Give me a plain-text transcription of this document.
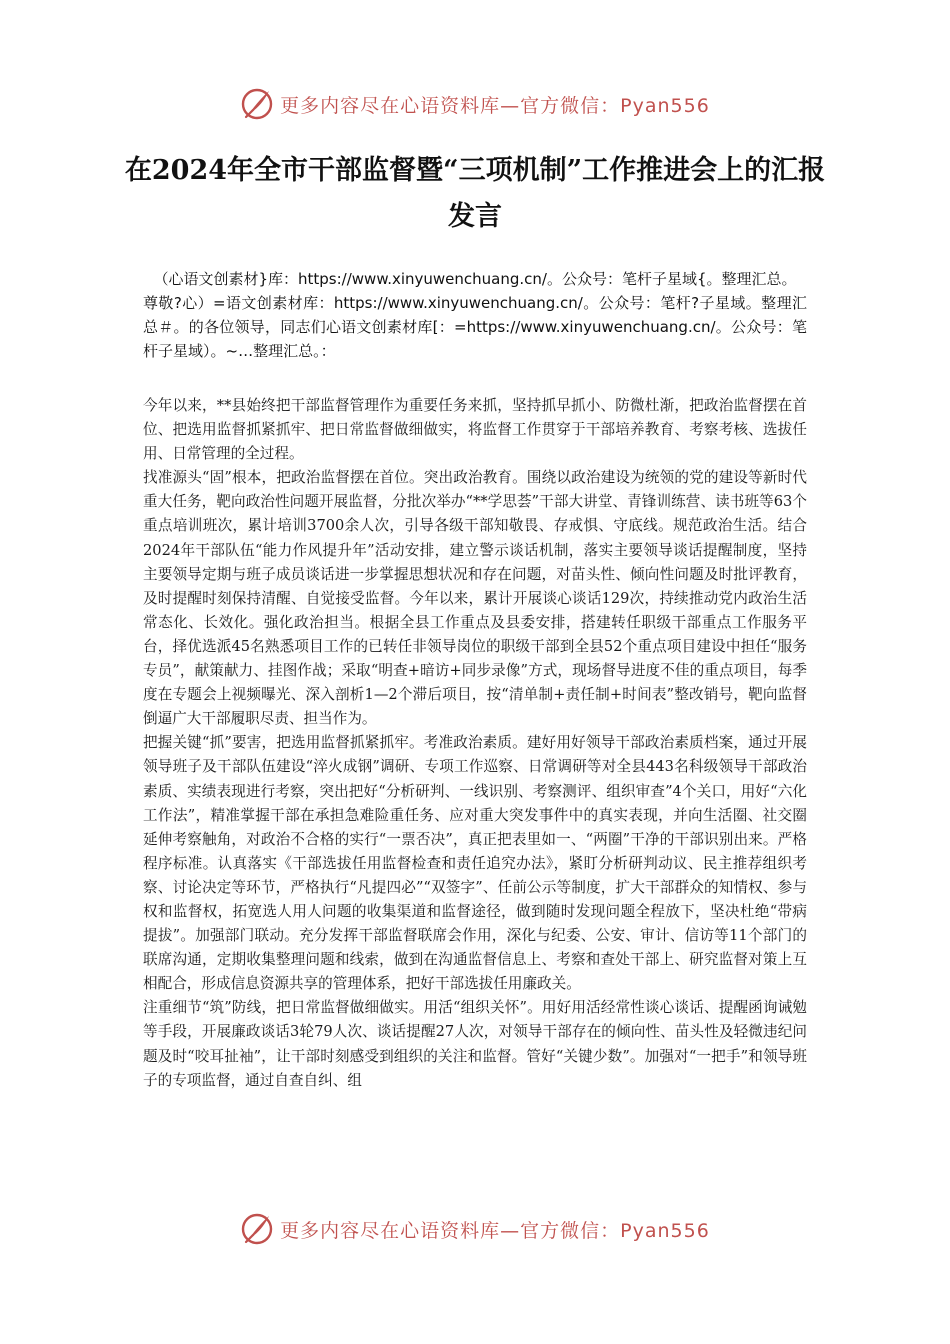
更多内容尽在心语资料库—官方微信：Pyan556
在2024年全市干部监督暨“三项机制”工作推进会上的汇报发言
（心语文创素材}库：https://www.xinyuwenchuang.cn/。公众号：笔杆子星域{。整理汇总。
尊敬?心）=语文创素材库：https://www.xinyuwenchuang.cn/。公众号：笔杆?子星域。整理汇总＃。的各位领导，同志们心语文创素材库[：=https://www.xinyuwenchuang.cn/。公众号：笔杆子星域）。~…整理汇总。：

今年以来，**县始终把干部监督管理作为重要任务来抓，坚持抓早抓小、防微杜渐，把政治监督摆在首位、把选用监督抓紧抓牢、把日常监督做细做实，将监督工作贯穿于干部培养教育、考察考核、选拔任用、日常管理的全过程。

找准源头“固”根本，把政治监督摆在首位。突出政治教育。围绕以政治建设为统领的党的建设等新时代重大任务，靶向政治性问题开展监督，分批次举办“**学思荟”干部大讲堂、青锋训练营、读书班等63个重点培训班次，累计培训3700余人次，引导各级干部知敬畏、存戒惧、守底线。规范政治生活。结合2024年干部队伍“能力作风提升年”活动安排，建立警示谈话机制，落实主要领导谈话提醒制度，坚持主要领导定期与班子成员谈话进一步掌握思想状况和存在问题，对苗头性、倾向性问题及时批评教育，及时提醒时刻保持清醒、自觉接受监督。今年以来，累计开展谈心谈话129次，持续推动党内政治生活常态化、长效化。强化政治担当。根据全县工作重点及县委安排，搭建转任职级干部重点工作服务平台，择优选派45名熟悉项目工作的已转任非领导岗位的职级干部到全县52个重点项目建设中担任“服务专员”，献策献力、挂图作战；采取“明查+暗访+同步录像”方式，现场督导进度不佳的重点项目，每季度在专题会上视频曝光、深入剖析1—2个滞后项目，按“清单制+责任制+时间表”整改销号，靶向监督倒逼广大干部履职尽责、担当作为。

把握关键“抓”要害，把选用监督抓紧抓牢。考准政治素质。建好用好领导干部政治素质档案，通过开展领导班子及干部队伍建设“淬火成钢”调研、专项工作巡察、日常调研等对全县443名科级领导干部政治素质、实绩表现进行考察，突出把好“分析研判、一线识别、考察测评、组织审查”4个关口，用好“六化工作法”，精准掌握干部在承担急难险重任务、应对重大突发事件中的真实表现，并向生活圈、社交圈延伸考察触角，对政治不合格的实行“一票否决”，真正把表里如一、“两圈”干净的干部识别出来。严格程序标准。认真落实《干部选拔任用监督检查和责任追究办法》，紧盯分析研判动议、民主推荐组织考察、讨论决定等环节，严格执行“凡提四必”“双签字”、任前公示等制度，扩大干部群众的知情权、参与权和监督权，拓宽选人用人问题的收集渠道和监督途径，做到随时发现问题全程放下，坚决杜绝“带病提拔”。加强部门联动。充分发挥干部监督联席会作用，深化与纪委、公安、审计、信访等11个部门的联席沟通，定期收集整理问题和线索，做到在沟通监督信息上、考察和查处干部上、研究监督对策上互相配合，形成信息资源共享的管理体系，把好干部选拔任用廉政关。

注重细节“筑”防线，把日常监督做细做实。用活“组织关怀”。用好用活经常性谈心谈话、提醒函询诫勉等手段，开展廉政谈话3轮79人次、谈话提醒27人次，对领导干部存在的倾向性、苗头性及轻微违纪问题及时“咬耳扯袖”，让干部时刻感受到组织的关注和监督。管好“关键少数”。加强对“一把手”和领导班子的专项监督，通过自查自纠、组

更多内容尽在心语资料库—官方微信：Pyan556
